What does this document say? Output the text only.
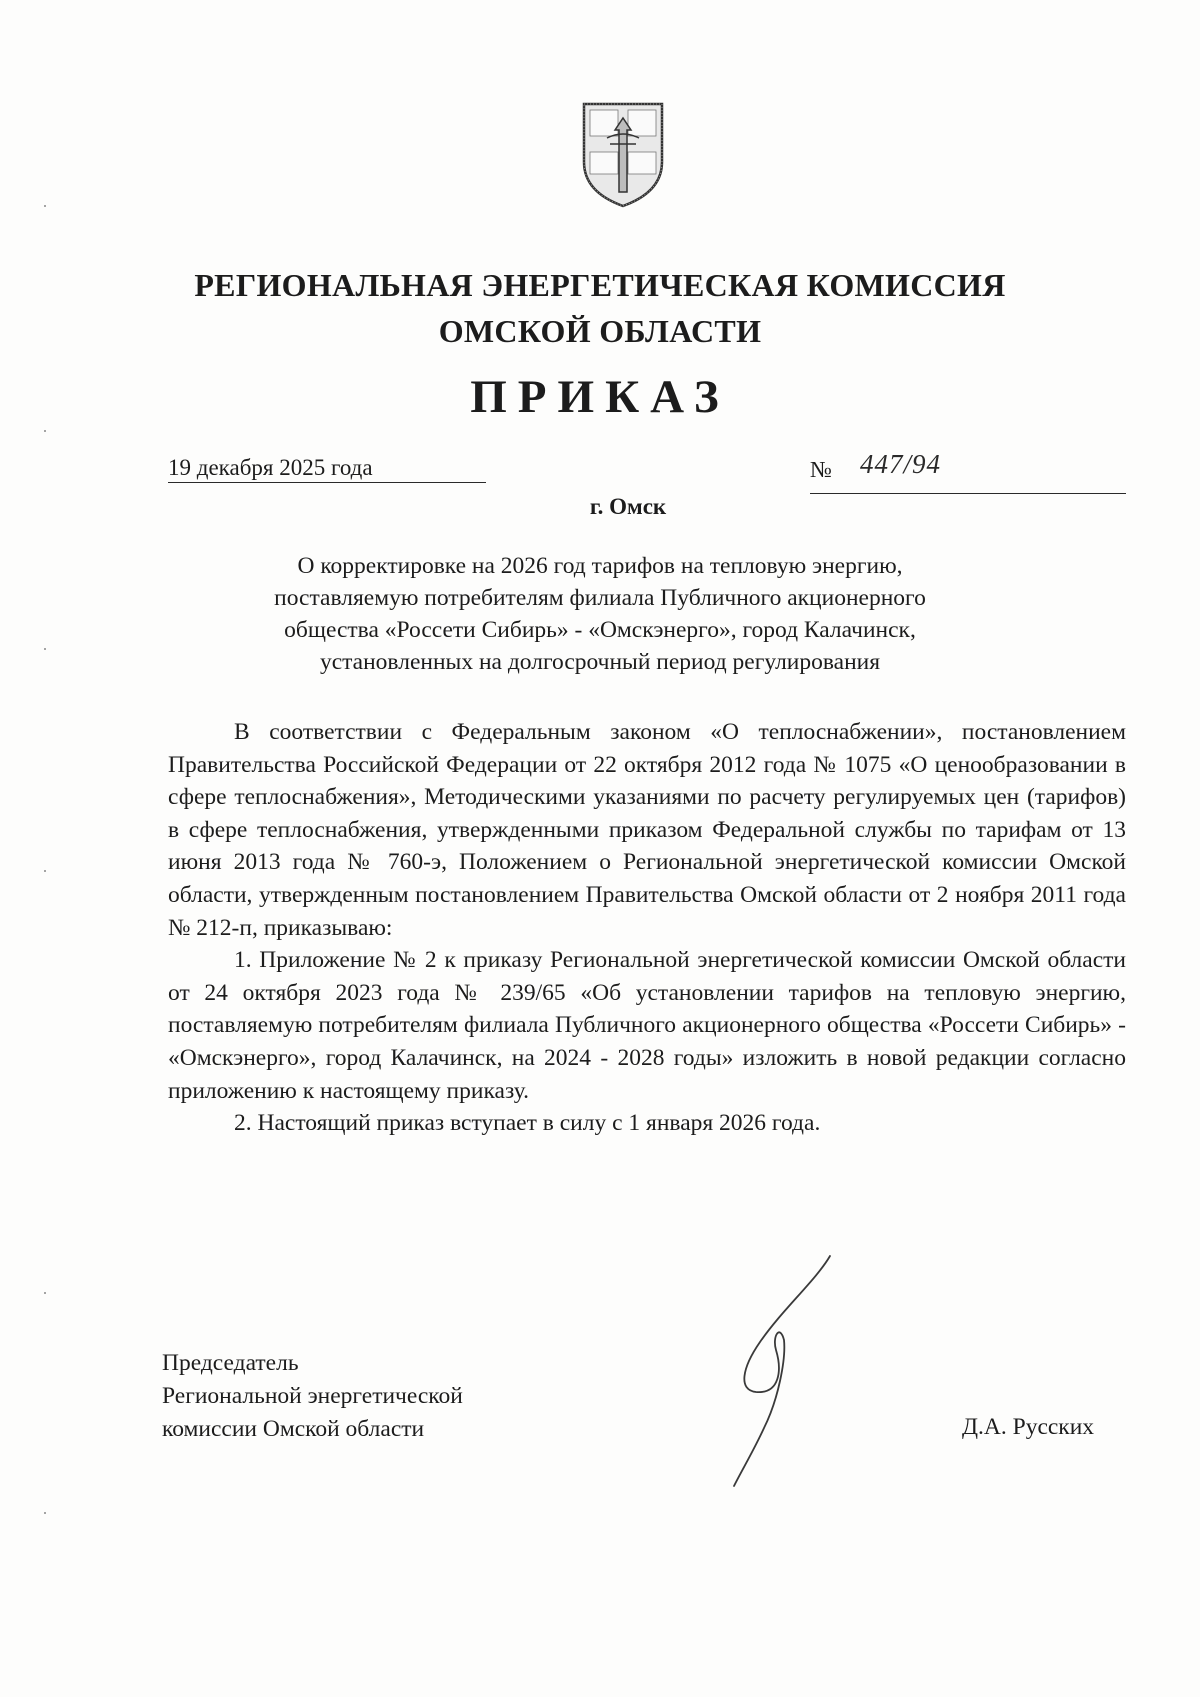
РЕГИОНАЛЬНАЯ ЭНЕРГЕТИЧЕСКАЯ КОМИССИЯ
ОМСКОЙ ОБЛАСТИ
ПРИКАЗ
19 декабря 2025 года	№ 447/94
г. Омск
О корректировке на 2026 год тарифов на тепловую энергию,
поставляемую потребителям филиала Публичного акционерного
общества «Россети Сибирь» - «Омскэнерго», город Калачинск,
установленных на долгосрочный период регулирования

В соответствии с Федеральным законом «О теплоснабжении», постановлением Правительства Российской Федерации от 22 октября 2012 года № 1075 «О ценообразовании в сфере теплоснабжения», Методическими указаниями по расчету регулируемых цен (тарифов) в сфере теплоснабжения, утвержденными приказом Федеральной службы по тарифам от 13 июня 2013 года № 760-э, Положением о Региональной энергетической комиссии Омской области, утвержденным постановлением Правительства Омской области от 2 ноября 2011 года № 212-п, приказываю:

1. Приложение № 2 к приказу Региональной энергетической комиссии Омской области от 24 октября 2023 года № 239/65 «Об установлении тарифов на тепловую энергию, поставляемую потребителям филиала Публичного акционерного общества «Россети Сибирь» - «Омскэнерго», город Калачинск, на 2024 - 2028 годы» изложить в новой редакции согласно приложению к настоящему приказу.

2. Настоящий приказ вступает в силу с 1 января 2026 года.

Председатель
Региональной энергетической
комиссии Омской области	Д.А. Русских
